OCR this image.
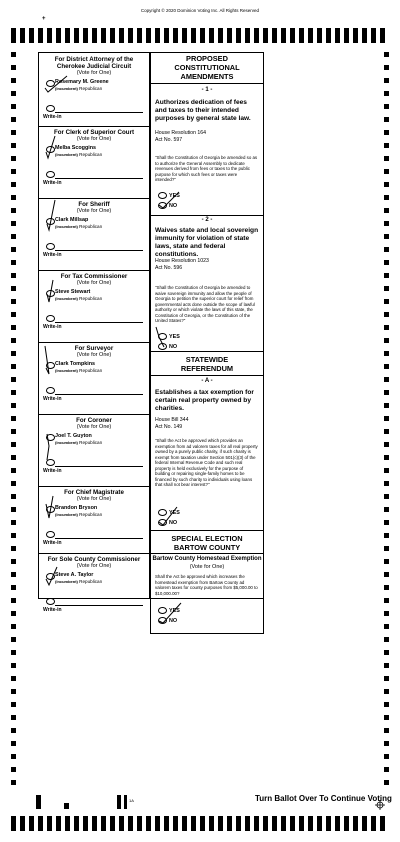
Copyright © 2020 Dominion Voting Inc. All Rights Reserved
+
For District Attorney of the
Cherokee Judicial Circuit
(Vote for One)
Rosemary M. Greene
(Incumbent) Republican
Write-in
For Clerk of Superior Court
(Vote for One)
Melba Scoggins
(Incumbent) Republican
Write-in
For Sheriff
(Vote for One)
Clark Millsap
(Incumbent) Republican
Write-in
For Tax Commissioner
(Vote for One)
Steve Stewart
(Incumbent) Republican
Write-in
For Surveyor
(Vote for One)
Clark Tompkins
(Incumbent) Republican
Write-in
For Coroner
(Vote for One)
Joel T. Guyton
(Incumbent) Republican
Write-in
For Chief Magistrate
(Vote for One)
Brandon Bryson
(Incumbent) Republican
Write-in
For Sole County Commissioner
(Vote for One)
Steve A. Taylor
(Incumbent) Republican
Write-in
PROPOSED
CONSTITUTIONAL
AMENDMENTS
- 1 -
Authorizes dedication of fees and taxes to their intended purposes by general state law.
House Resolution 164
Act No. 597
"Shall the Constitution of Georgia be amended so as to authorize the General Assembly to dedicate revenues derived from fees or taxes to the public purpose for which such fees or taxes were intended?"
YES
NO
- 2 -
Waives state and local sovereign immunity for violation of state laws, state and federal constitutions.
House Resolution 1023
Act No. 596
"Shall the Constitution of Georgia be amended to waive sovereign immunity and allow the people of Georgia to petition the superior court for relief from governmental acts done outside the scope of lawful authority or which violate the laws of this state, the Constitution of Georgia, or the Constitution of the United States?"
YES
NO
STATEWIDE
REFERENDUM
- A -
Establishes a tax exemption for certain real property owned by charities.
House Bill 344
Act No. 149
"Shall the Act be approved which provides an exemption from ad valorem taxes for all real property owned by a purely public charity, if such charity is exempt from taxation under Section 501(c)(3) of the federal Internal Revenue Code and such real property is held exclusively for the purpose of building or repairing single-family homes to be financed by such charity to individuals using loans that shall not bear interest?"
YES
NO
SPECIAL ELECTION
BARTOW COUNTY
Bartow County Homestead Exemption
(Vote for One)
Shall the Act be approved which increases the homestead exemption from Bartow County ad valorem taxes for county purposes from $5,000.00 to $10,000.00?
YES
NO
1A	Turn Ballot Over To Continue Voting
